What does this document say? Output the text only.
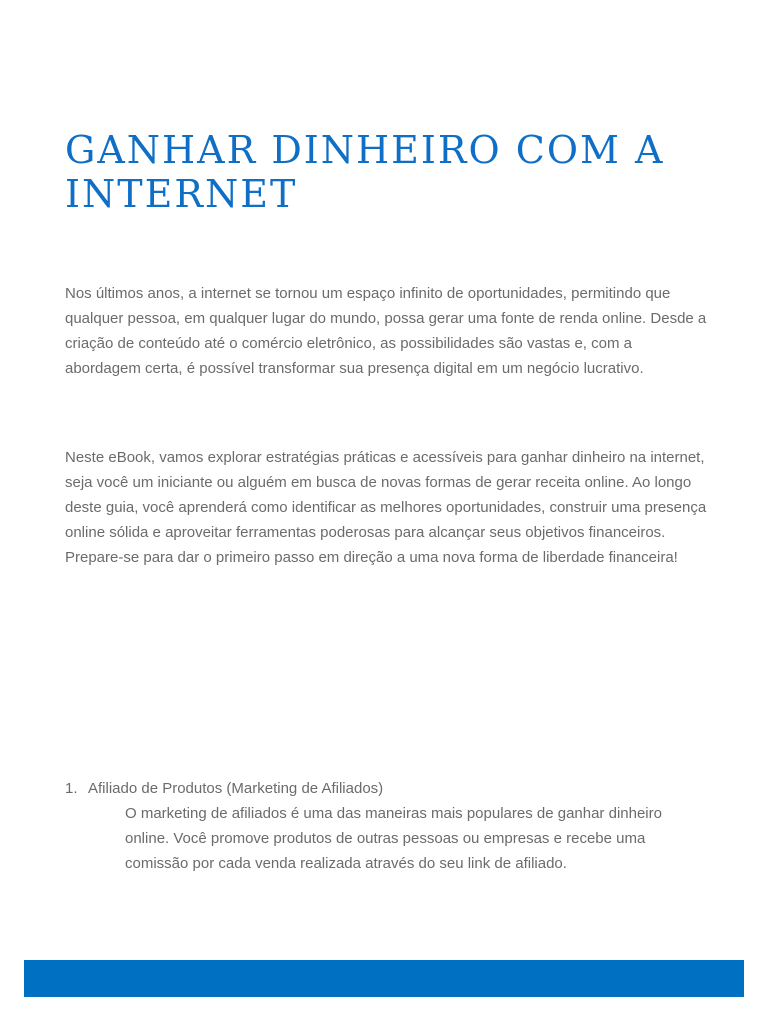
GANHAR DINHEIRO COM A INTERNET

Nos últimos anos, a internet se tornou um espaço infinito de oportunidades, permitindo que qualquer pessoa, em qualquer lugar do mundo, possa gerar uma fonte de renda online. Desde a criação de conteúdo até o comércio eletrônico, as possibilidades são vastas e, com a abordagem certa, é possível transformar sua presença digital em um negócio lucrativo.

Neste eBook, vamos explorar estratégias práticas e acessíveis para ganhar dinheiro na internet, seja você um iniciante ou alguém em busca de novas formas de gerar receita online. Ao longo deste guia, você aprenderá como identificar as melhores oportunidades, construir uma presença online sólida e aproveitar ferramentas poderosas para alcançar seus objetivos financeiros. Prepare-se para dar o primeiro passo em direção a uma nova forma de liberdade financeira!

1. Afiliado de Produtos (Marketing de Afiliados)
O marketing de afiliados é uma das maneiras mais populares de ganhar dinheiro online. Você promove produtos de outras pessoas ou empresas e recebe uma comissão por cada venda realizada através do seu link de afiliado.
